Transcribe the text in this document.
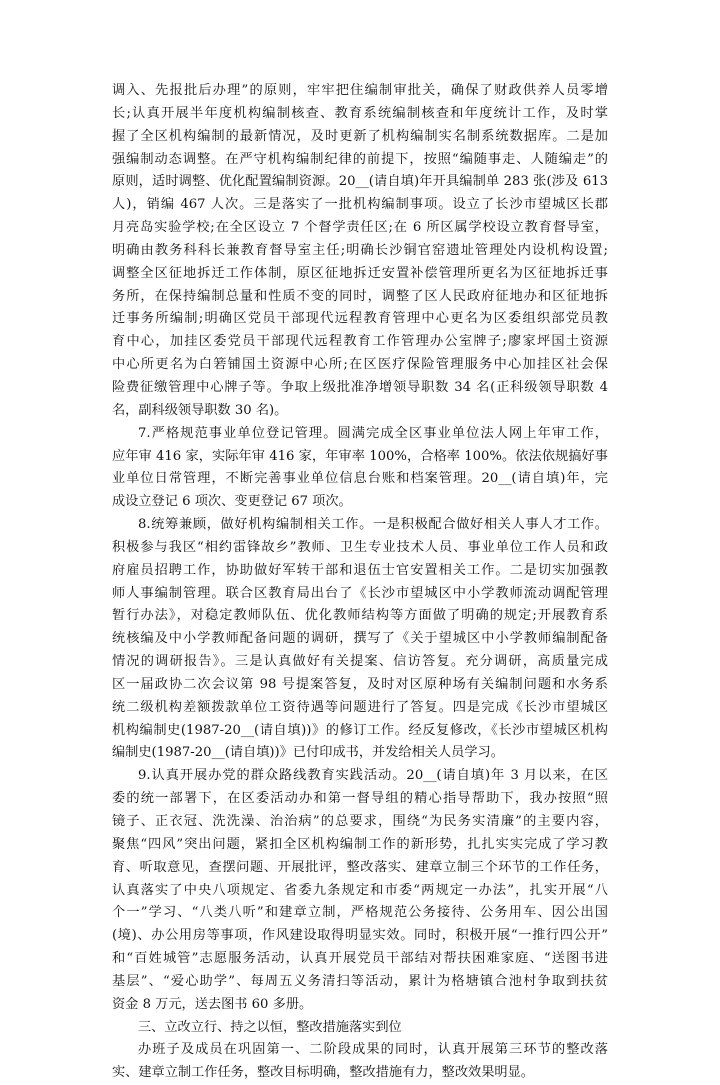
调入、先报批后办理”的原则，牢牢把住编制审批关，确保了财政供养人员零增
长;认真开展半年度机构编制核查、教育系统编制核查和年度统计工作，及时掌
握了全区机构编制的最新情况，及时更新了机构编制实名制系统数据库。二是加
强编制动态调整。在严守机构编制纪律的前提下，按照“编随事走、人随编走”的
原则，适时调整、优化配置编制资源。20__(请自填)年开具编制单 283 张(涉及 613
人)，销编 467 人次。三是落实了一批机构编制事项。设立了长沙市望城区长郡
月亮岛实验学校;在全区设立 7 个督学责任区;在 6 所区属学校设立教育督导室，
明确由教务科科长兼教育督导室主任;明确长沙铜官窑遗址管理处内设机构设置;
调整全区征地拆迁工作体制，原区征地拆迁安置补偿管理所更名为区征地拆迁事
务所，在保持编制总量和性质不变的同时，调整了区人民政府征地办和区征地拆
迁事务所编制;明确区党员干部现代远程教育管理中心更名为区委组织部党员教
育中心，加挂区委党员干部现代远程教育工作管理办公室牌子;廖家坪国土资源
中心所更名为白箬铺国土资源中心所;在区医疗保险管理服务中心加挂区社会保
险费征缴管理中心牌子等。争取上级批准净增领导职数 34 名(正科级领导职数 4
名，副科级领导职数 30 名)。
7.严格规范事业单位登记管理。圆满完成全区事业单位法人网上年审工作，
应年审 416 家，实际年审 416 家，年审率 100%，合格率 100%。依法依规搞好事
业单位日常管理，不断完善事业单位信息台账和档案管理。20__(请自填)年，完
成设立登记 6 项次、变更登记 67 项次。
8.统筹兼顾，做好机构编制相关工作。一是积极配合做好相关人事人才工作。
积极参与我区“相约雷锋故乡”教师、卫生专业技术人员、事业单位工作人员和政
府雇员招聘工作，协助做好军转干部和退伍士官安置相关工作。二是切实加强教
师人事编制管理。联合区教育局出台了《长沙市望城区中小学教师流动调配管理
暂行办法》，对稳定教师队伍、优化教师结构等方面做了明确的规定;开展教育系
统核编及中小学教师配备问题的调研，撰写了《关于望城区中小学教师编制配备
情况的调研报告》。三是认真做好有关提案、信访答复。充分调研，高质量完成
区一届政协二次会议第 98 号提案答复，及时对区原种场有关编制问题和水务系
统二级机构差额拨款单位工资待遇等问题进行了答复。四是完成《长沙市望城区
机构编制史(1987-20__(请自填))》的修订工作。经反复修改，《长沙市望城区机构
编制史(1987-20__(请自填))》已付印成书，并发给相关人员学习。
9.认真开展办党的群众路线教育实践活动。20__(请自填)年 3 月以来，在区
委的统一部署下，在区委活动办和第一督导组的精心指导帮助下，我办按照“照
镜子、正衣冠、洗洗澡、治治病”的总要求，围绕“为民务实清廉”的主要内容，
聚焦“四风”突出问题，紧扣全区机构编制工作的新形势，扎扎实实完成了学习教
育、听取意见，查摆问题、开展批评，整改落实、建章立制三个环节的工作任务，
认真落实了中央八项规定、省委九条规定和市委“两规定一办法”，扎实开展“八
个一”学习、“八类八听”和建章立制，严格规范公务接待、公务用车、因公出国
(境)、办公用房等事项，作风建设取得明显实效。同时，积极开展“一推行四公开”
和“百姓城管”志愿服务活动，认真开展党员干部结对帮扶困难家庭、“送图书进
基层”、“爱心助学”、每周五义务清扫等活动，累计为格塘镇合池村争取到扶贫
资金 8 万元，送去图书 60 多册。
三、立改立行、持之以恒，整改措施落实到位
办班子及成员在巩固第一、二阶段成果的同时，认真开展第三环节的整改落
实、建章立制工作任务，整改目标明确，整改措施有力，整改效果明显。
